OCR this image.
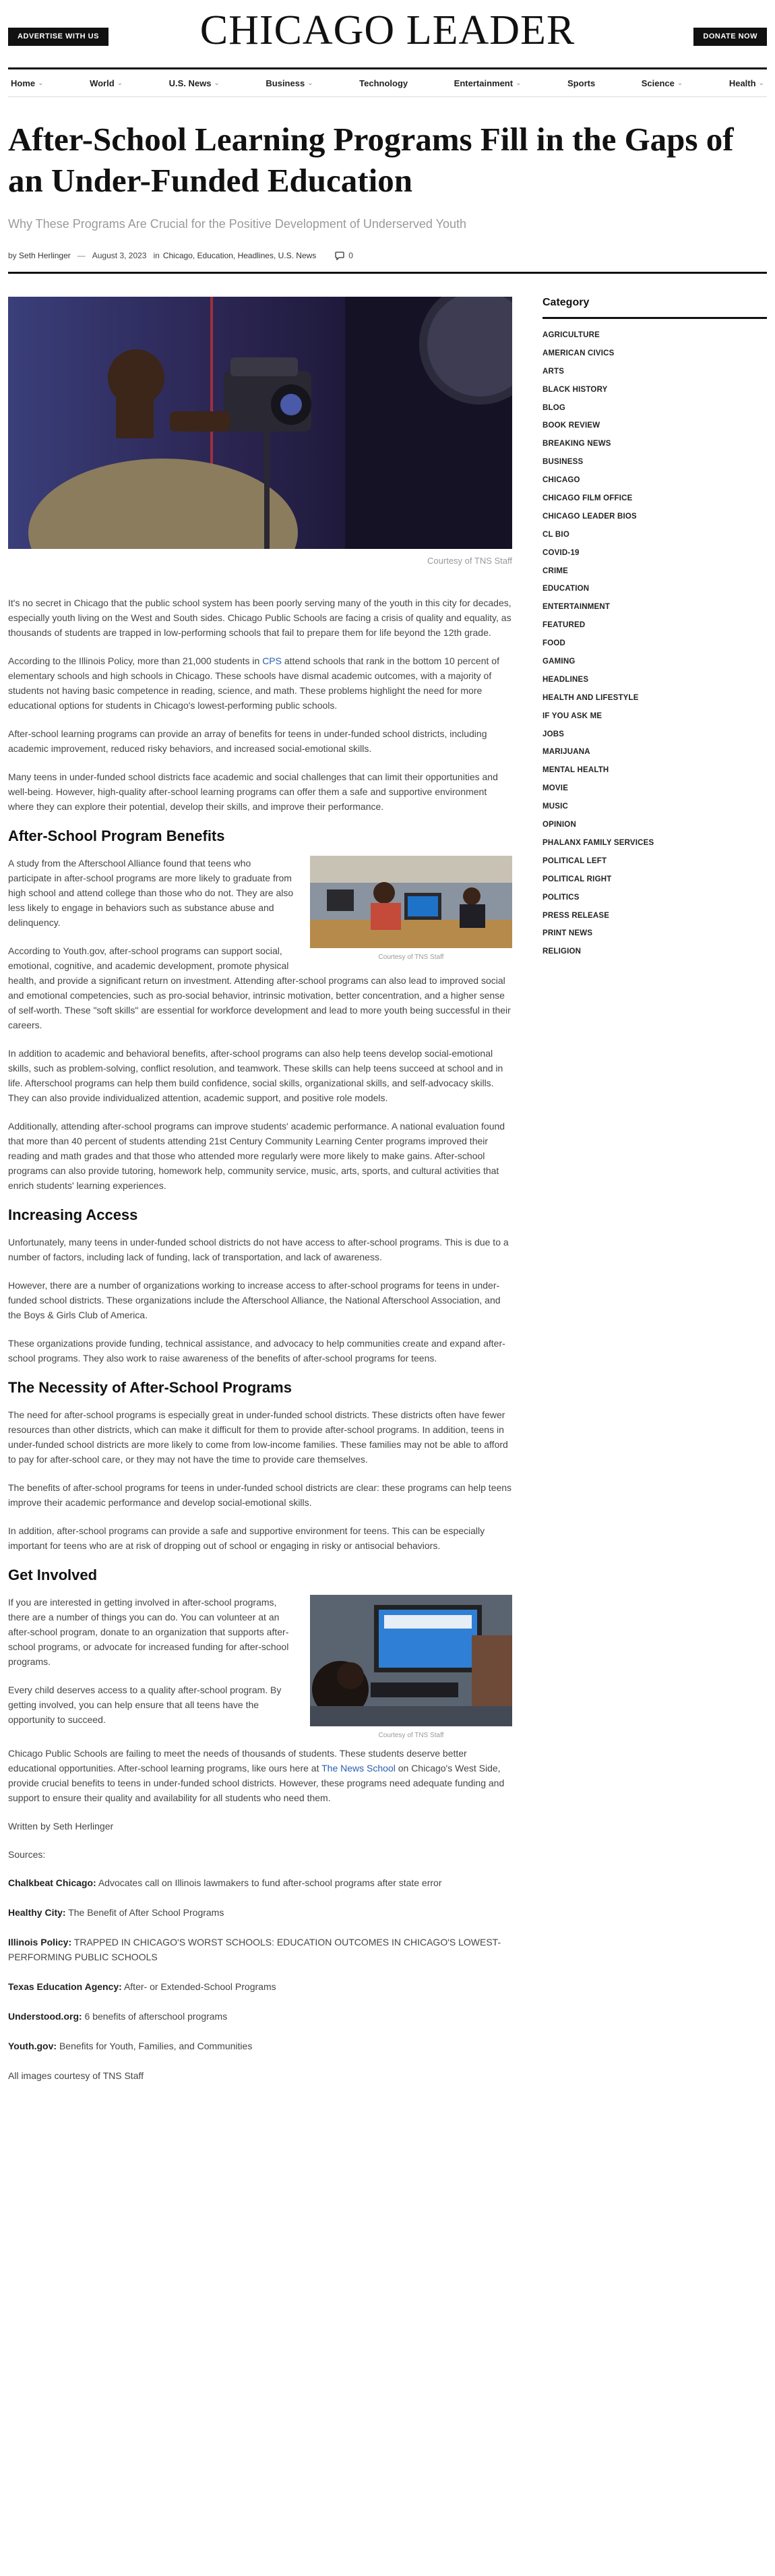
ADVERTISE WITH US	CHICAGO LEADER	DONATE NOW
Home ⌄	World ⌄	U.S. News ⌄	Business ⌄	Technology	Entertainment ⌄	Sports	Science ⌄	Health ⌄
After-School Learning Programs Fill in the Gaps of an Under-Funded Education
Why These Programs Are Crucial for the Positive Development of Underserved Youth
by
Seth Herlinger — August 3, 2023
in Chicago, Education, Headlines, U.S. News	0
Courtesy of TNS Staff

It's no secret in Chicago that the public school system has been poorly serving many of the youth in this city for decades, especially youth living on the West and South sides. Chicago Public Schools are facing a crisis of quality and equality, as thousands of students are trapped in low-performing schools that fail to prepare them for life beyond the 12th grade.

According to the Illinois Policy, more than 21,000 students in CPS attend schools that rank in the bottom 10 percent of elementary schools and high schools in Chicago. These schools have dismal academic outcomes, with a majority of students not having basic competence in reading, science, and math. These problems highlight the need for more educational options for students in Chicago's lowest-performing public schools.

After-school learning programs can provide an array of benefits for teens in under-funded school districts, including academic improvement, reduced risky behaviors, and increased social-emotional skills.

Many teens in under-funded school districts face academic and social challenges that can limit their opportunities and well-being. However, high-quality after-school learning programs can offer them a safe and supportive environment where they can explore their potential, develop their skills, and improve their performance.

After-School Program Benefits
Courtesy of TNS Staff

A study from the Afterschool Alliance found that teens who participate in after-school programs are more likely to graduate from high school and attend college than those who do not. They are also less likely to engage in behaviors such as substance abuse and delinquency.

According to Youth.gov, after-school programs can support social, emotional, cognitive, and academic development, promote physical health, and provide a significant return on investment. Attending after-school programs can also lead to improved social and emotional competencies, such as pro-social behavior, intrinsic motivation, better concentration, and a higher sense of self-worth. These "soft skills" are essential for workforce development and lead to more youth being successful in their careers.

In addition to academic and behavioral benefits, after-school programs can also help teens develop social-emotional skills, such as problem-solving, conflict resolution, and teamwork. These skills can help teens succeed at school and in life. Afterschool programs can help them build confidence, social skills, organizational skills, and self-advocacy skills. They can also provide individualized attention, academic support, and positive role models.

Additionally, attending after-school programs can improve students' academic performance. A national evaluation found that more than 40 percent of students attending 21st Century Community Learning Center programs improved their reading and math grades and that those who attended more regularly were more likely to make gains. After-school programs can also provide tutoring, homework help, community service, music, arts, sports, and cultural activities that enrich students' learning experiences.

Increasing Access

Unfortunately, many teens in under-funded school districts do not have access to after-school programs. This is due to a number of factors, including lack of funding, lack of transportation, and lack of awareness.

However, there are a number of organizations working to increase access to after-school programs for teens in under-funded school districts. These organizations include the Afterschool Alliance, the National Afterschool Association, and the Boys & Girls Club of America.

These organizations provide funding, technical assistance, and advocacy to help communities create and expand after-school programs. They also work to raise awareness of the benefits of after-school programs for teens.

The Necessity of After-School Programs

The need for after-school programs is especially great in under-funded school districts. These districts often have fewer resources than other districts, which can make it difficult for them to provide after-school programs. In addition, teens in under-funded school districts are more likely to come from low-income families. These families may not be able to afford to pay for after-school care, or they may not have the time to provide care themselves.

The benefits of after-school programs for teens in under-funded school districts are clear: these programs can help teens improve their academic performance and develop social-emotional skills.

In addition, after-school programs can provide a safe and supportive environment for teens. This can be especially important for teens who are at risk of dropping out of school or engaging in risky or antisocial behaviors.

Get Involved
Courtesy of TNS Staff

If you are interested in getting involved in after-school programs, there are a number of things you can do. You can volunteer at an after-school program, donate to an organization that supports after-school programs, or advocate for increased funding for after-school programs.

Every child deserves access to a quality after-school program. By getting involved, you can help ensure that all teens have the opportunity to succeed.

Chicago Public Schools are failing to meet the needs of thousands of students. These students deserve better educational opportunities. After-school learning programs, like ours here at The News School on Chicago's West Side, provide crucial benefits to teens in under-funded school districts. However, these programs need adequate funding and support to ensure their quality and availability for all students who need them.

Written by Seth Herlinger

Sources:

Chalkbeat Chicago: Advocates call on Illinois lawmakers to fund after-school programs after state error
Healthy City: The Benefit of After School Programs
Illinois Policy: TRAPPED IN CHICAGO'S WORST SCHOOLS: EDUCATION OUTCOMES IN CHICAGO'S LOWEST-PERFORMING PUBLIC SCHOOLS
Texas Education Agency: After- or Extended-School Programs
Understood.org: 6 benefits of afterschool programs
Youth.gov: Benefits for Youth, Families, and Communities

All images courtesy of TNS Staff

Category
AGRICULTURE
AMERICAN CIVICS
ARTS
BLACK HISTORY
BLOG
BOOK REVIEW
BREAKING NEWS
BUSINESS
CHICAGO
CHICAGO FILM OFFICE
CHICAGO LEADER BIOS
CL BIO
COVID-19
CRIME
EDUCATION
ENTERTAINMENT
FEATURED
FOOD
GAMING
HEADLINES
HEALTH AND LIFESTYLE
IF YOU ASK ME
JOBS
MARIJUANA
MENTAL HEALTH
MOVIE
MUSIC
OPINION
PHALANX FAMILY SERVICES
POLITICAL LEFT
POLITICAL RIGHT
POLITICS
PRESS RELEASE
PRINT NEWS
RELIGION
